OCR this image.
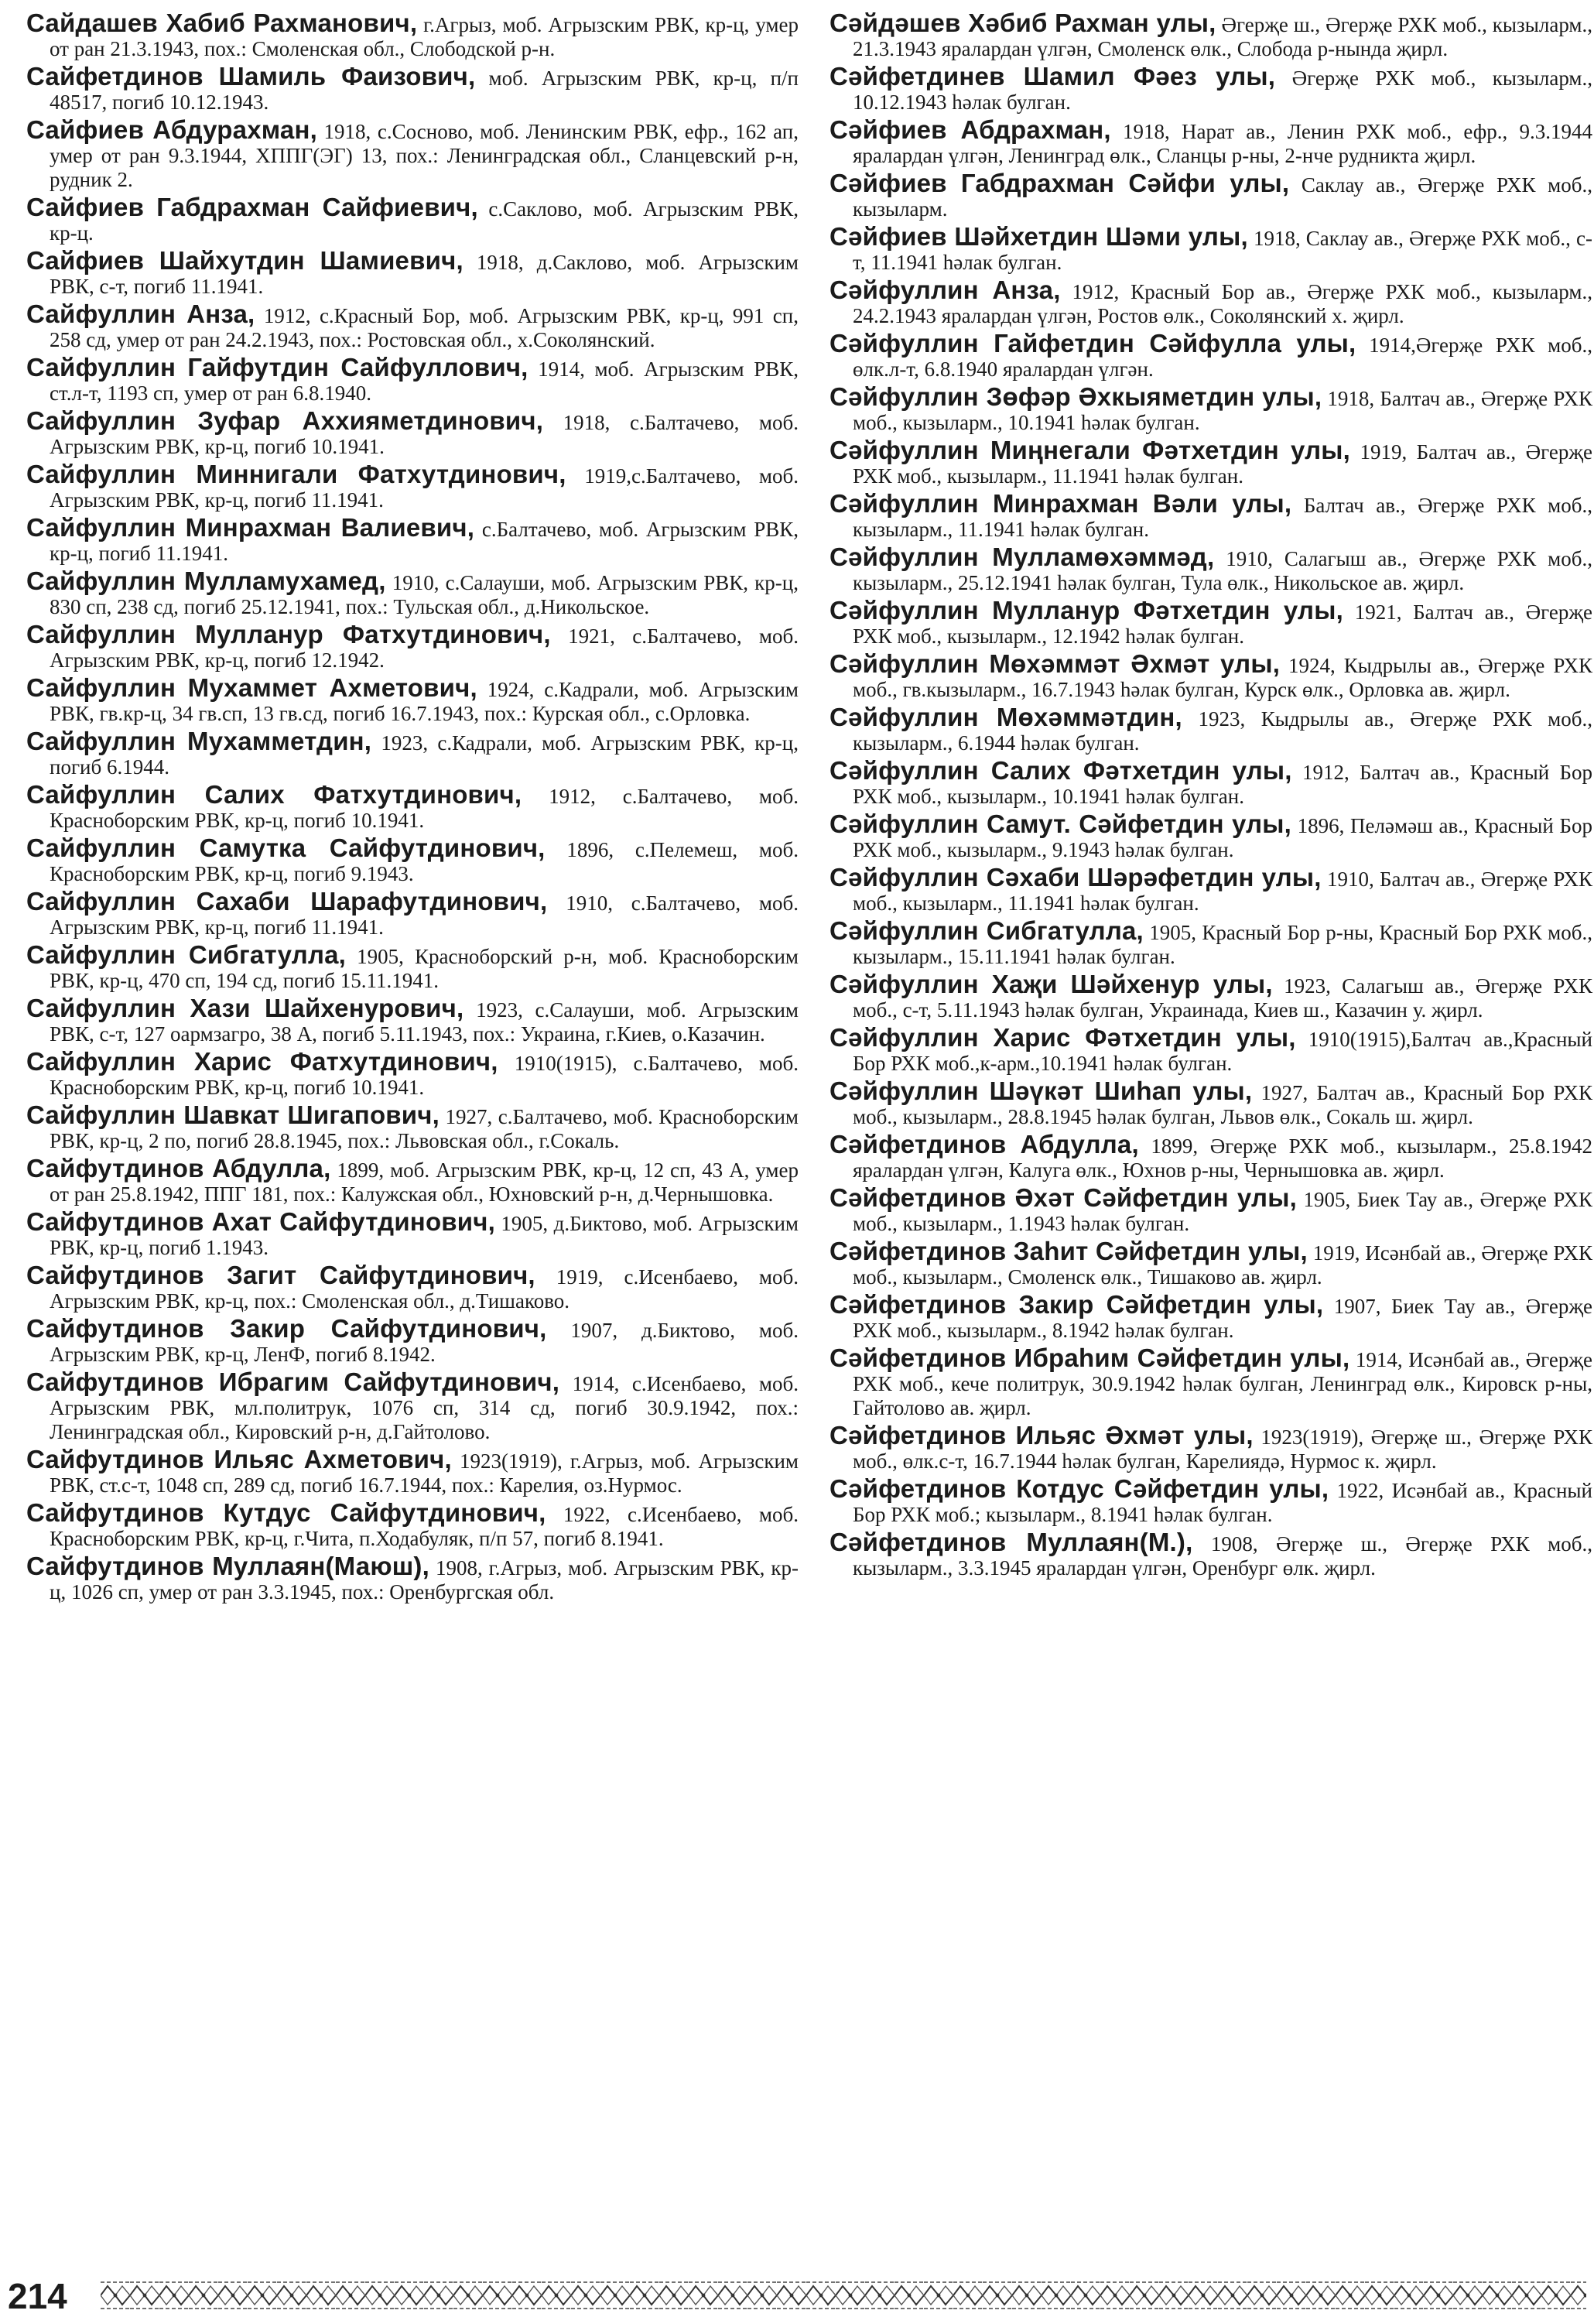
Сайдашев Хабиб Рахманович, г.Агрыз, моб. Агрызским РВК, кр-ц, умер от ран 21.3.1943, пох.: Смоленская обл., Слободской р-н.

Сайфетдинов Шамиль Фаизович, моб. Агрызским РВК, кр-ц, п/п 48517, погиб 10.12.1943.

Сайфиев Абдурахман, 1918, с.Сосново, моб. Ленинским РВК, ефр., 162 ап, умер от ран 9.3.1944, ХППГ(ЭГ) 13, пох.: Ленинградская обл., Сланцевский р-н, рудник 2.

Сайфиев Габдрахман Сайфиевич, с.Саклово, моб. Агрызским РВК, кр-ц.

Сайфиев Шайхутдин Шамиевич, 1918, д.Саклово, моб. Агрызским РВК, с-т, погиб 11.1941.

Сайфуллин Анза, 1912, с.Красный Бор, моб. Агрызским РВК, кр-ц, 991 сп, 258 сд, умер от ран 24.2.1943, пох.: Ростовская обл., х.Соколянский.

Сайфуллин Гайфутдин Сайфуллович, 1914, моб. Агрызским РВК, ст.л-т, 1193 сп, умер от ран 6.8.1940.

Сайфуллин Зуфар Аххияметдинович, 1918, с.Балтачево, моб. Агрызским РВК, кр-ц, погиб 10.1941.

Сайфуллин Миннигали Фатхутдинович, 1919,с.Балтачево, моб. Агрызским РВК, кр-ц, погиб 11.1941.

Сайфуллин Минрахман Валиевич, с.Балтачево, моб. Агрызским РВК, кр-ц, погиб 11.1941.

Сайфуллин Мулламухамед, 1910, с.Салауши, моб. Агрызским РВК, кр-ц, 830 сп, 238 сд, погиб 25.12.1941, пох.: Тульская обл., д.Никольское.

Сайфуллин Муллануp Фатхутдинович, 1921, с.Балтачево, моб. Агрызским РВК, кр-ц, погиб 12.1942.

Сайфуллин Мухаммет Ахметович, 1924, с.Кадрали, моб. Агрызским РВК, гв.кр-ц, 34 гв.сп, 13 гв.сд, погиб 16.7.1943, пох.: Курская обл., с.Орловка.

Сайфуллин Мухамметдин, 1923, с.Кадрали, моб. Агрызским РВК, кр-ц, погиб 6.1944.

Сайфуллин Салих Фатхутдинович, 1912, с.Балтачево, моб. Красноборским РВК, кр-ц, погиб 10.1941.

Сайфуллин Самутка Сайфутдинович, 1896, с.Пелемеш, моб. Красноборским РВК, кр-ц, погиб 9.1943.

Сайфуллин Сахаби Шарафутдинович, 1910, с.Балтачево, моб. Агрызским РВК, кр-ц, погиб 11.1941.

Сайфуллин Сибгатулла, 1905, Красноборский р-н, моб. Красноборским РВК, кр-ц, 470 сп, 194 сд, погиб 15.11.1941.

Сайфуллин Хази Шайхенурович, 1923, с.Салауши, моб. Агрызским РВК, с-т, 127 оармзагро, 38 А, погиб 5.11.1943, пох.: Украина, г.Киев, о.Казачин.

Сайфуллин Харис Фатхутдинович, 1910(1915), с.Балтачево, моб. Красноборским РВК, кр-ц, погиб 10.1941.

Сайфуллин Шавкат Шигапович, 1927, с.Балтачево, моб. Красноборским РВК, кр-ц, 2 по, погиб 28.8.1945, пох.: Львовская обл., г.Сокаль.

Сайфутдинов Абдулла, 1899, моб. Агрызским РВК, кр-ц, 12 сп, 43 А, умер от ран 25.8.1942, ППГ 181, пох.: Калужская обл., Юхновский р-н, д.Чернышовка.

Сайфутдинов Ахат Сайфутдинович, 1905, д.Биктово, моб. Агрызским РВК, кр-ц, погиб 1.1943.

Сайфутдинов Загит Сайфутдинович, 1919, с.Исенбаево, моб. Агрызским РВК, кр-ц, пох.: Смоленская обл., д.Тишаково.

Сайфутдинов Закир Сайфутдинович, 1907, д.Биктово, моб. Агрызским РВК, кр-ц, ЛенФ, погиб 8.1942.

Сайфутдинов Ибрагим Сайфутдинович, 1914, с.Исенбаево, моб. Агрызским РВК, мл.политрук, 1076 сп, 314 сд, погиб 30.9.1942, пох.: Ленинградская обл., Кировский р-н, д.Гайтолово.

Сайфутдинов Ильяс Ахметович, 1923(1919), г.Агрыз, моб. Агрызским РВК, ст.с-т, 1048 сп, 289 сд, погиб 16.7.1944, пох.: Карелия, оз.Нурмос.

Сайфутдинов Кутдус Сайфутдинович, 1922, с.Исенбаево, моб. Красноборским РВК, кр-ц, г.Чита, п.Ходабуляк, п/п 57, погиб 8.1941.

Сайфутдинов Муллаян(Маюш), 1908, г.Агрыз, моб. Агрызским РВК, кр-ц, 1026 сп, умер от ран 3.3.1945, пох.: Оренбургская обл.

Сәйдәшев Хәбиб Рахман улы, Әгерҗе ш., Әгерҗе РХК моб., кызыларм., 21.3.1943 яралардан үлгән, Смоленск өлк., Слобода р-нында җирл.

Сәйфетдинев Шамил Фәез улы, Әгерҗе РХК моб., кызыларм., 10.12.1943 һәлак булган.

Сәйфиев Абдрахман, 1918, Нарат ав., Ленин РХК моб., ефр., 9.3.1944 яралардан үлгән, Ленинград өлк., Сланцы р-ны, 2-нче рудникта җирл.

Сәйфиев Габдрахман Сәйфи улы, Саклау ав., Әгерҗе РХК моб., кызыларм.

Сәйфиев Шәйхетдин Шәми улы, 1918, Саклау ав., Әгерҗе РХК моб., с-т, 11.1941 һәлак булган.

Сәйфуллин Анза, 1912, Красный Бор ав., Әгерҗе РХК моб., кызыларм., 24.2.1943 яралардан үлгән, Ростов өлк., Соколянский х. җирл.

Сәйфуллин Гайфетдин Сәйфулла улы, 1914,Әгерҗе РХК моб., өлк.л-т, 6.8.1940 яралардан үлгән.

Сәйфуллин Зөфәр Әхкыяметдин улы, 1918, Балтач ав., Әгерҗе РХК моб., кызыларм., 10.1941 һәлак булган.

Сәйфуллин Миңнегали Фәтхетдин улы, 1919, Балтач ав., Әгерҗе РХК моб., кызыларм., 11.1941 һәлак булган.

Сәйфуллин Минрахман Вәли улы, Балтач ав., Әгерҗе РХК моб., кызыларм., 11.1941 һәлак булган.

Сәйфуллин Мулламөхәммәд, 1910, Салагыш ав., Әгерҗе РХК моб., кызыларм., 25.12.1941 һәлак булган, Тула өлк., Никольское ав. җирл.

Сәйфуллин Мулланур Фәтхетдин улы, 1921, Балтач ав., Әгерҗе РХК моб., кызыларм., 12.1942 һәлак булган.

Сәйфуллин Мөхәммәт Әхмәт улы, 1924, Кыдрылы ав., Әгерҗе РХК моб., гв.кызыларм., 16.7.1943 һәлак булган, Курск өлк., Орловка ав. җирл.

Сәйфуллин Мөхәммәтдин, 1923, Кыдрылы ав., Әгерҗе РХК моб., кызыларм., 6.1944 һәлак булган.

Сәйфуллин Салих Фәтхетдин улы, 1912, Балтач ав., Красный Бор РХК моб., кызыларм., 10.1941 һәлак булган.

Сәйфуллин Самут. Сәйфетдин улы, 1896, Пеләмәш ав., Красный Бор РХК моб., кызыларм., 9.1943 һәлак булган.

Сәйфуллин Сәхаби Шәрәфетдин улы, 1910, Балтач ав., Әгерҗе РХК моб., кызыларм., 11.1941 һәлак булган.

Сәйфуллин Сибгатулла, 1905, Красный Бор р-ны, Красный Бор РХК моб., кызыларм., 15.11.1941 һәлак булган.

Сәйфуллин Хаҗи Шәйхенур улы, 1923, Салагыш ав., Әгерҗе РХК моб., с-т, 5.11.1943 һәлак булган, Украинада, Киев ш., Казачин у. җирл.

Сәйфуллин Харис Фәтхетдин улы, 1910(1915),Балтач ав.,Красный Бор РХК моб.,к-арм.,10.1941 һәлак булган.

Сәйфуллин Шәүкәт Шиһап улы, 1927, Балтач ав., Красный Бор РХК моб., кызыларм., 28.8.1945 һәлак булган, Львов өлк., Сокаль ш. җирл.

Сәйфетдинов Абдулла, 1899, Әгерҗе РХК моб., кызыларм., 25.8.1942 яралардан үлгән, Калуга өлк., Юхнов р-ны, Чернышовка ав. җирл.

Сәйфетдинов Әхәт Сәйфетдин улы, 1905, Биек Тау ав., Әгерҗе РХК моб., кызыларм., 1.1943 һәлак булган.

Сәйфетдинов Заһит Сәйфетдин улы, 1919, Исәнбай ав., Әгерҗе РХК моб., кызыларм., Смоленск өлк., Тишаково ав. җирл.

Сәйфетдинов Закир Сәйфетдин улы, 1907, Биек Тау ав., Әгерҗе РХК моб., кызыларм., 8.1942 һәлак булган.

Сәйфетдинов Ибраһим Сәйфетдин улы, 1914, Исәнбай ав., Әгерҗе РХК моб., кече политрук, 30.9.1942 һәлак булган, Ленинград өлк., Кировск р-ны, Гайтолово ав. җирл.

Сәйфетдинов Ильяс Әхмәт улы, 1923(1919), Әгерҗе ш., Әгерҗе РХК моб., өлк.с-т, 16.7.1944 һәлак булган, Карелиядә, Нурмос к. җирл.

Сәйфетдинов Котдус Сәйфетдин улы, 1922, Исәнбай ав., Красный Бор РХК моб.; кызыларм., 8.1941 һәлак булган.

Сәйфетдинов Муллаян(М.), 1908, Әгерҗе ш., Әгерҗе РХК моб., кызыларм., 3.3.1945 яралардан үлгән, Оренбург өлк. җирл.

214
